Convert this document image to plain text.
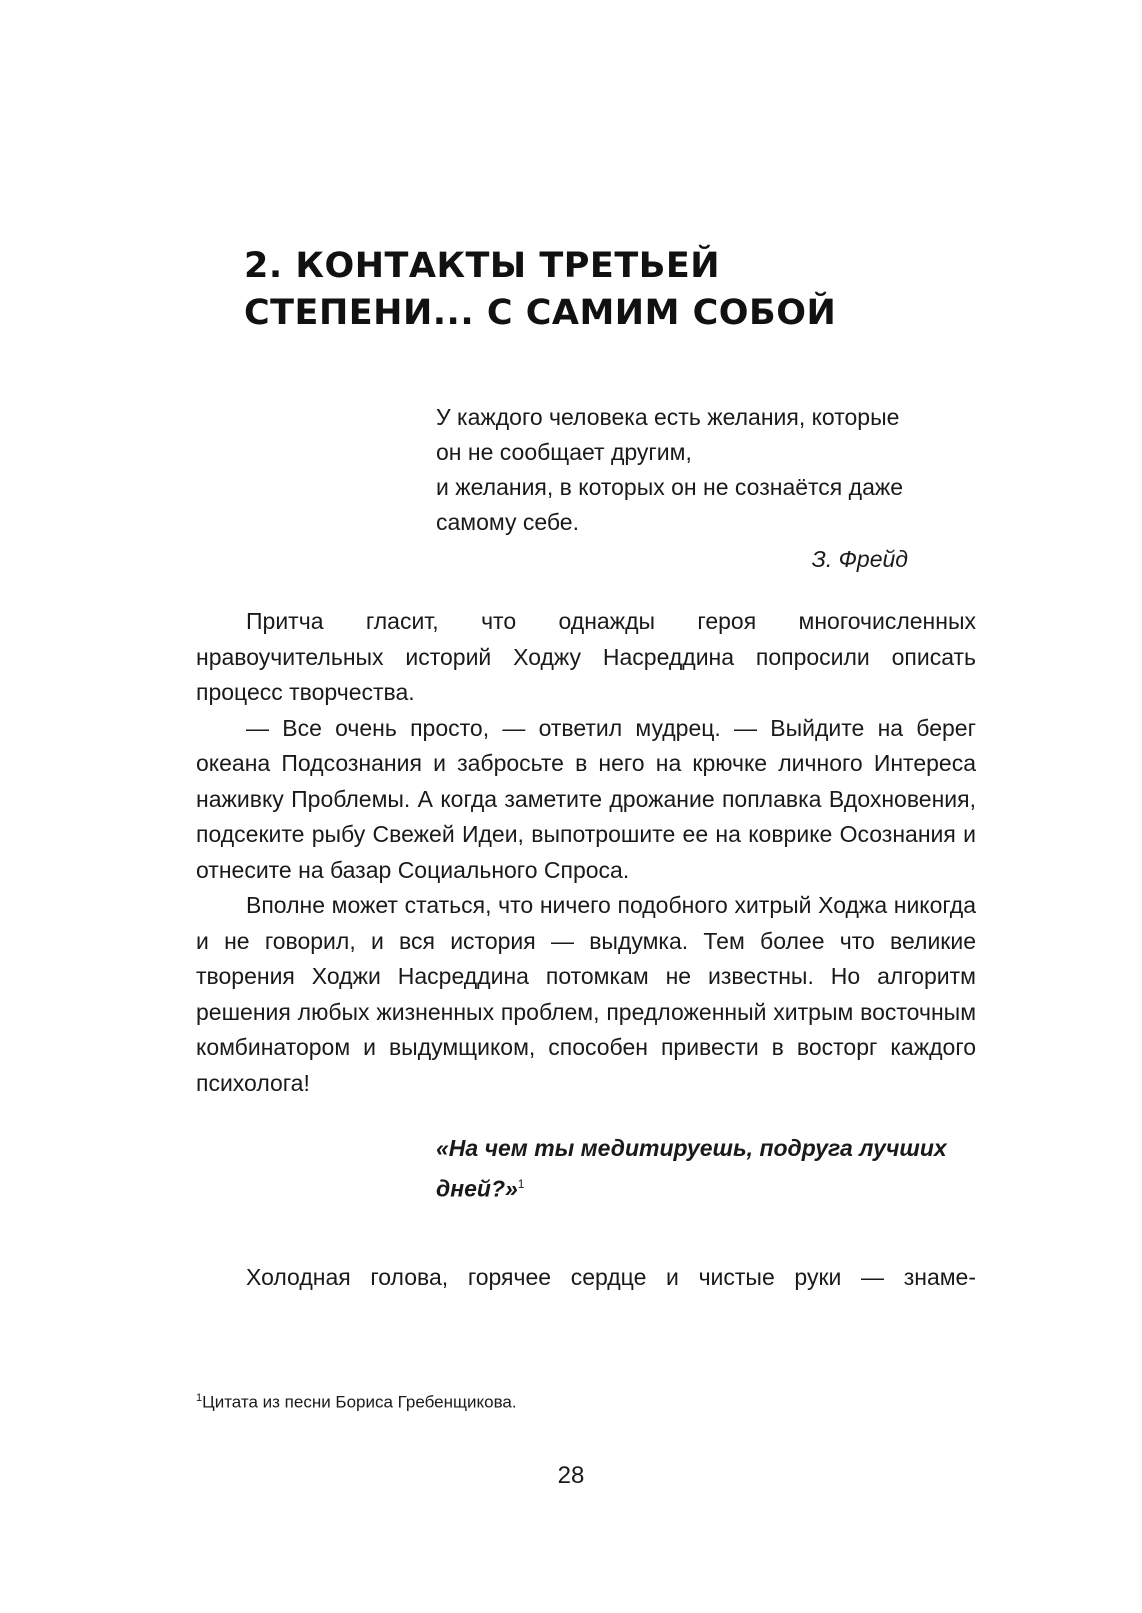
2. КОНТАКТЫ ТРЕТЬЕЙ
СТЕПЕНИ... С САМИМ СОБОЙ
У каждого человека есть желания, которые
он не сообщает другим,
и желания, в которых он не сознаётся даже
самому себе.
З. Фрейд

Притча гласит, что однажды героя многочисленных нравоучительных историй Ходжу Насреддина попросили описать процесс творчества.

— Все очень просто, — ответил мудрец. — Выйдите на берег океана Подсознания и забросьте в него на крючке личного Интереса наживку Проблемы. А когда заметите дрожание поплавка Вдохновения, подсеките рыбу Свежей Идеи, выпотрошите ее на коврике Осознания и отнесите на базар Социального Спроса.

Вполне может статься, что ничего подобного хитрый Ходжа никогда и не говорил, и вся история — выдумка. Тем более что великие творения Ходжи Насреддина потомкам не известны. Но алгоритм решения любых жизненных проблем, предложенный хитрым восточным комбинатором и выдумщиком, способен привести в восторг каждого психолога!

«На чем ты медитируешь, подруга лучших дней?»$^1$

Холодная голова, горячее сердце и чистые руки — знаме-

$^1$Цитата из песни Бориса Гребенщикова.
28
